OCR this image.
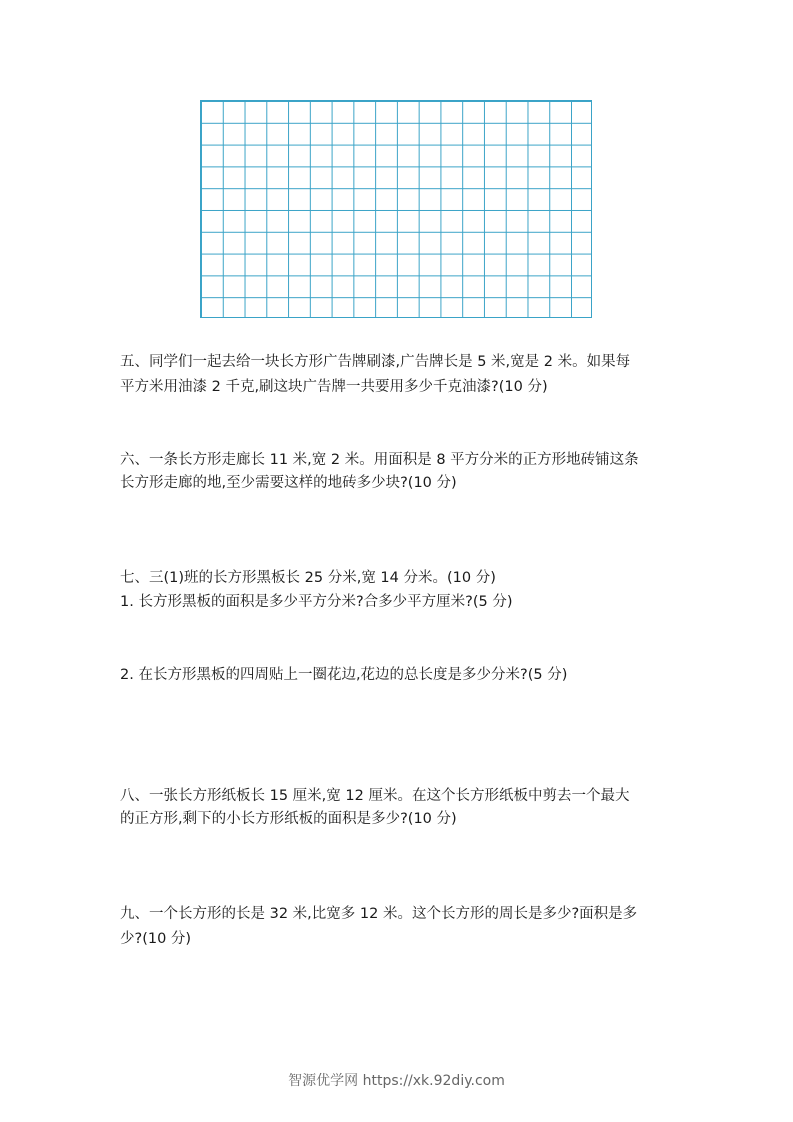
五、同学们一起去给一块长方形广告牌刷漆,广告牌长是 5 米,宽是 2 米。如果每

平方米用油漆 2 千克,刷这块广告牌一共要用多少千克油漆?(10 分)

六、一条长方形走廊长 11 米,宽 2 米。用面积是 8 平方分米的正方形地砖铺这条

长方形走廊的地,至少需要这样的地砖多少块?(10 分)

七、三(1)班的长方形黑板长 25 分米,宽 14 分米。(10 分)

1. 长方形黑板的面积是多少平方分米?合多少平方厘米?(5 分)

2. 在长方形黑板的四周贴上一圈花边,花边的总长度是多少分米?(5 分)

八、一张长方形纸板长 15 厘米,宽 12 厘米。在这个长方形纸板中剪去一个最大

的正方形,剩下的小长方形纸板的面积是多少?(10 分)

九、一个长方形的长是 32 米,比宽多 12 米。这个长方形的周长是多少?面积是多

少?(10 分)

智源优学网 https://xk.92diy.com
